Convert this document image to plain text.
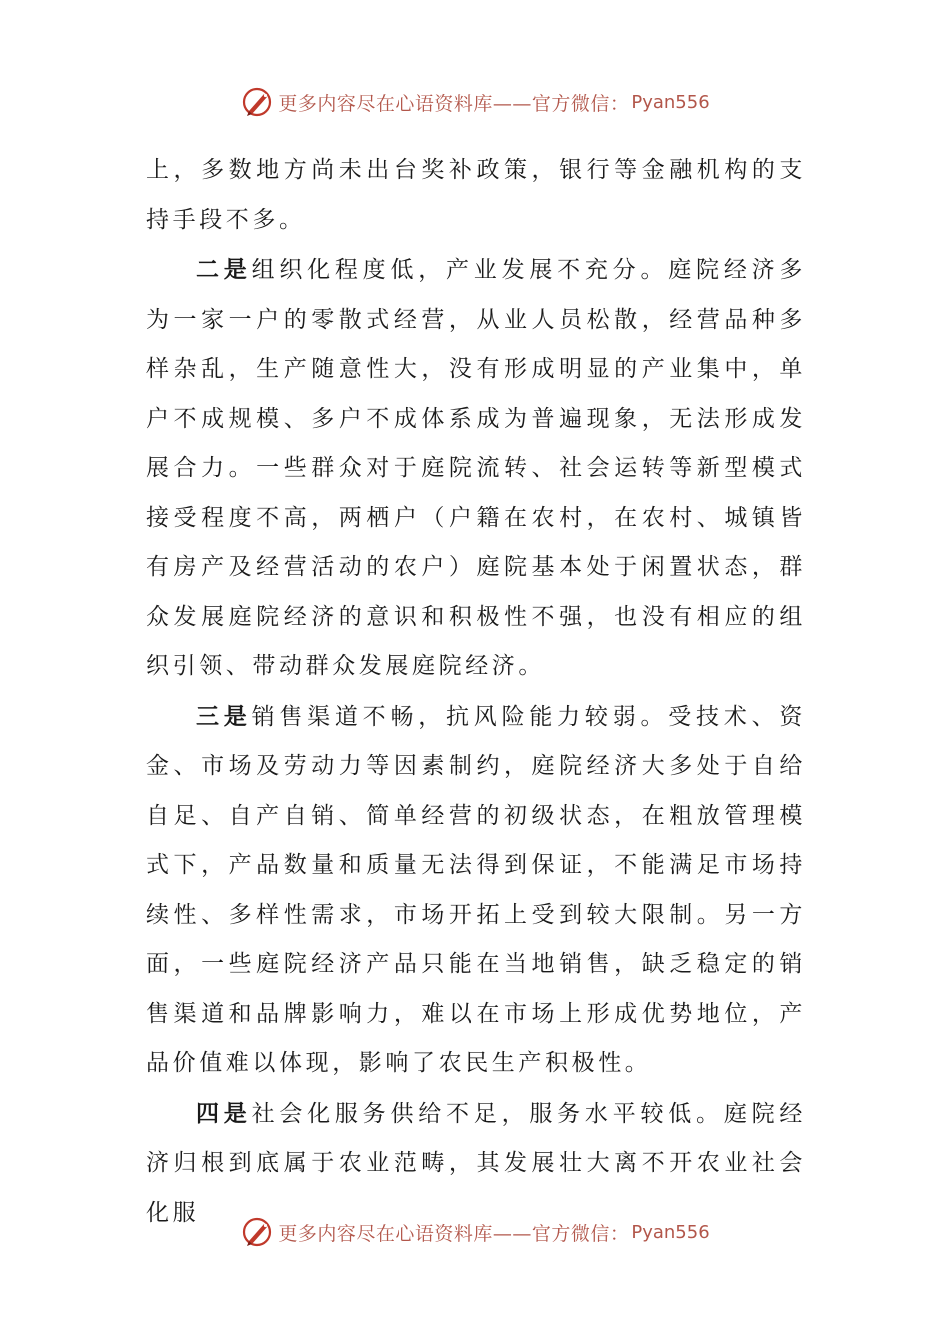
更多内容尽在心语资料库——官方微信： Pyan556

上，多数地方尚未出台奖补政策，银行等金融机构的支持手段不多。

二是组织化程度低，产业发展不充分。庭院经济多为一家一户的零散式经营，从业人员松散，经营品种多样杂乱，生产随意性大，没有形成明显的产业集中，单户不成规模、多户不成体系成为普遍现象，无法形成发展合力。一些群众对于庭院流转、社会运转等新型模式接受程度不高，两栖户（户籍在农村，在农村、城镇皆有房产及经营活动的农户）庭院基本处于闲置状态，群众发展庭院经济的意识和积极性不强，也没有相应的组织引领、带动群众发展庭院经济。

三是销售渠道不畅，抗风险能力较弱。受技术、资金、市场及劳动力等因素制约，庭院经济大多处于自给自足、自产自销、简单经营的初级状态，在粗放管理模式下，产品数量和质量无法得到保证，不能满足市场持续性、多样性需求，市场开拓上受到较大限制。另一方面，一些庭院经济产品只能在当地销售，缺乏稳定的销售渠道和品牌影响力，难以在市场上形成优势地位，产品价值难以体现，影响了农民生产积极性。

四是社会化服务供给不足，服务水平较低。庭院经济归根到底属于农业范畴，其发展壮大离不开农业社会化服

更多内容尽在心语资料库——官方微信： Pyan556
